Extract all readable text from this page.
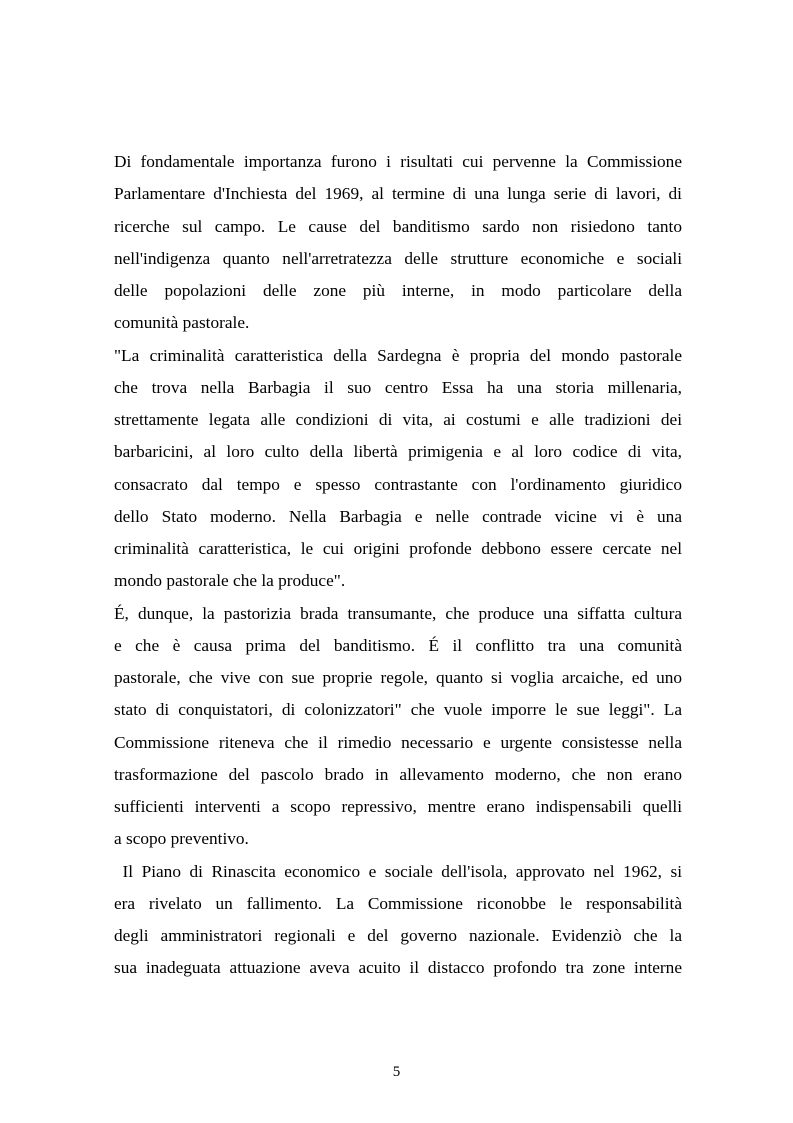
Di fondamentale importanza furono i risultati cui pervenne la Commissione
Parlamentare d'Inchiesta del 1969, al termine di una lunga serie di lavori, di
ricerche sul campo. Le cause del banditismo sardo non risiedono tanto
nell'indigenza quanto nell'arretratezza delle strutture economiche e sociali
delle popolazioni delle zone più interne, in modo particolare della
comunità pastorale.
"La criminalità caratteristica della Sardegna è propria del mondo pastorale
che trova nella Barbagia il suo centro Essa ha una storia millenaria,
strettamente legata alle condizioni di vita, ai costumi e alle tradizioni dei
barbaricini, al loro culto della libertà primigenia e al loro codice di vita,
consacrato dal tempo e spesso contrastante con l'ordinamento giuridico
dello Stato moderno. Nella Barbagia e nelle contrade vicine vi è una
criminalità caratteristica, le cui origini profonde debbono essere cercate nel
mondo pastorale che la produce".
É, dunque, la pastorizia brada transumante, che produce una siffatta cultura
e che è causa prima del banditismo. É il conflitto tra una comunità
pastorale, che vive con sue proprie regole, quanto si voglia arcaiche, ed uno
stato di conquistatori, di colonizzatori" che vuole imporre le sue leggi". La
Commissione riteneva che il rimedio necessario e urgente consistesse nella
trasformazione del pascolo brado in allevamento moderno, che non erano
sufficienti interventi a scopo repressivo, mentre erano indispensabili quelli
a scopo preventivo.
Il Piano di Rinascita economico e sociale dell'isola, approvato nel 1962, si
era rivelato un fallimento. La Commissione riconobbe le responsabilità
degli amministratori regionali e del governo nazionale. Evidenziò che la
sua inadeguata attuazione aveva acuito il distacco profondo tra zone interne
5
